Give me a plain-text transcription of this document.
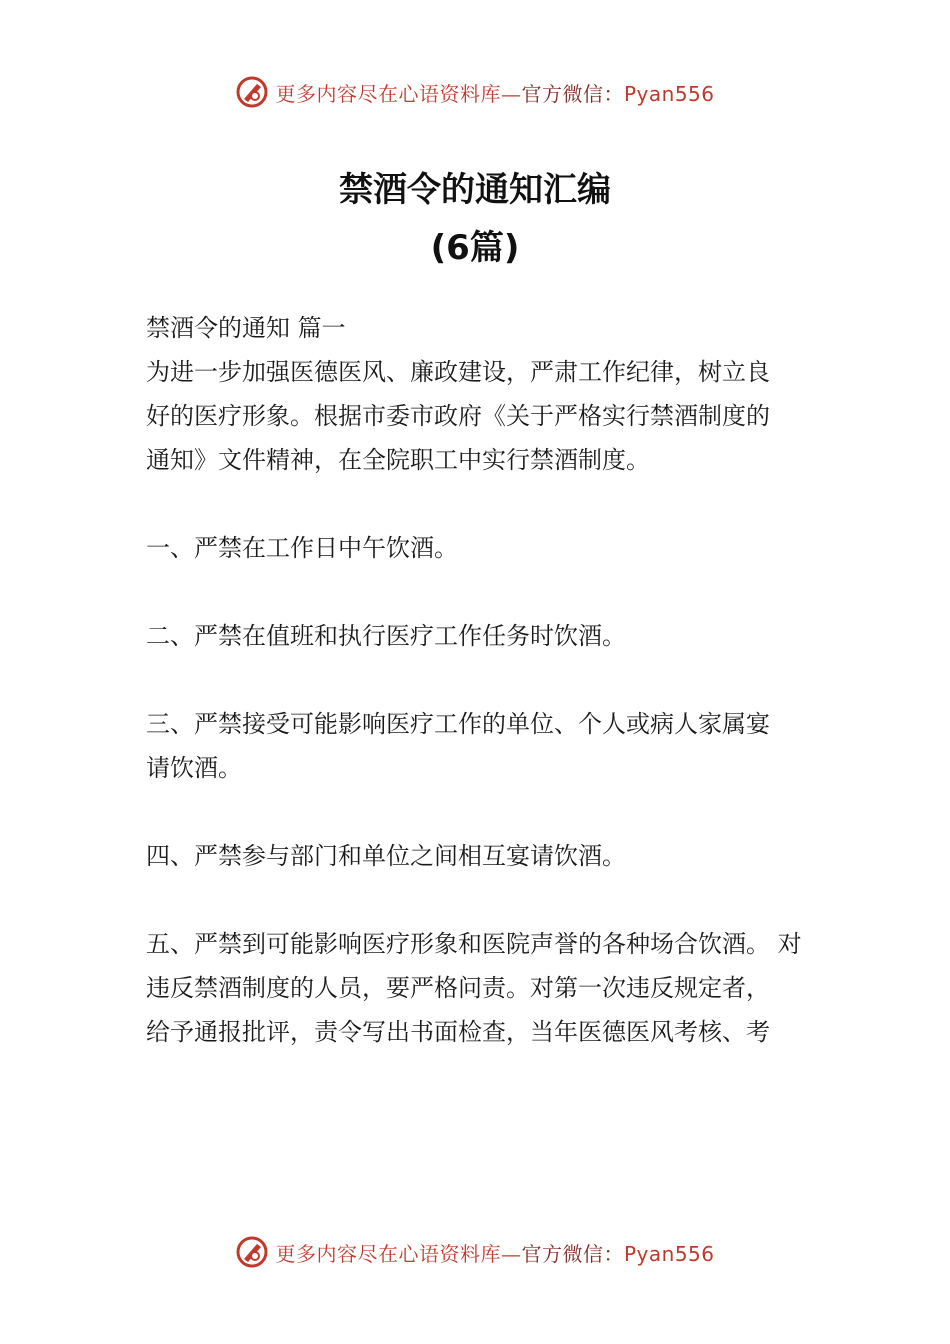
更多内容尽在心语资料库—官方微信：Pyan556
禁酒令的通知汇编
(6篇)

禁酒令的通知 篇一

为进一步加强医德医风、廉政建设，严肃工作纪律，树立良

好的医疗形象。根据市委市政府《关于严格实行禁酒制度的

通知》文件精神，在全院职工中实行禁酒制度。

一、严禁在工作日中午饮酒。

二、严禁在值班和执行医疗工作任务时饮酒。

三、严禁接受可能影响医疗工作的单位、个人或病人家属宴

请饮酒。

四、严禁参与部门和单位之间相互宴请饮酒。

五、严禁到可能影响医疗形象和医院声誉的各种场合饮酒。 对

违反禁酒制度的人员，要严格问责。对第一次违反规定者，

给予通报批评，责令写出书面检查，当年医德医风考核、考

更多内容尽在心语资料库—官方微信：Pyan556
